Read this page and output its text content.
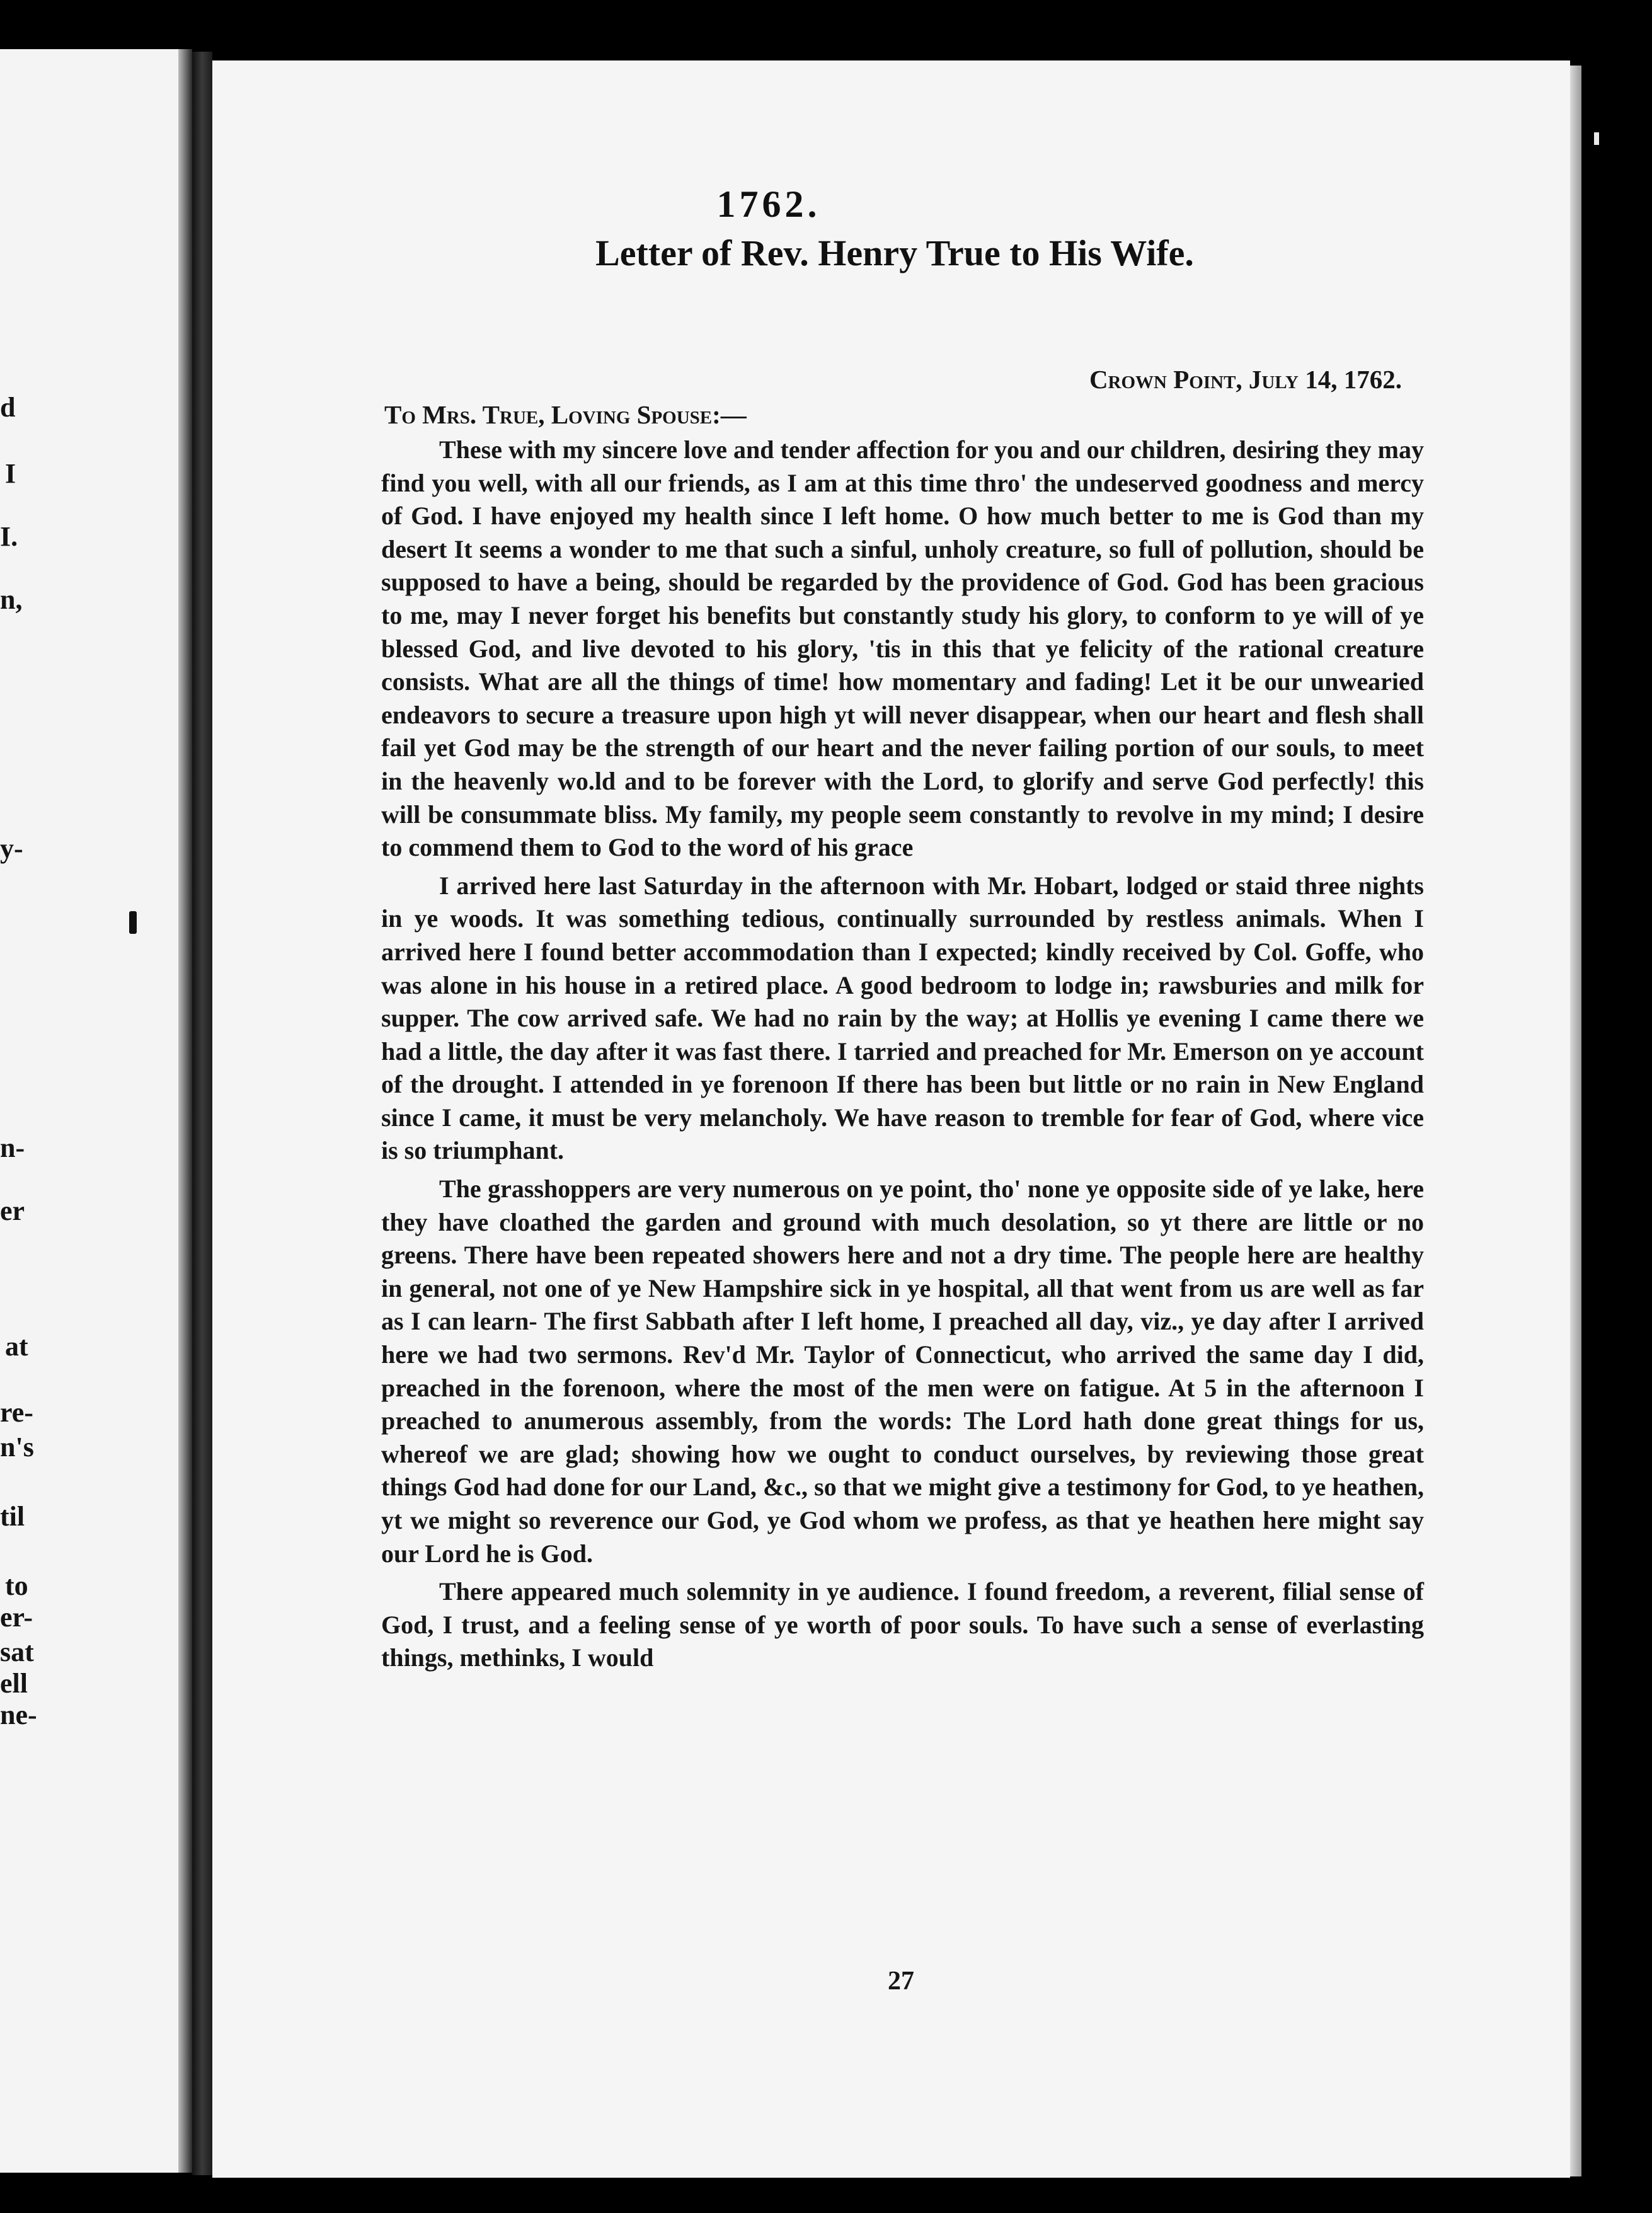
d
I
I.
n,
y-
n-
er
at
re-
n's
til
to
er-
sat
ell
ne-
1762.
Letter of Rev. Henry True to His Wife.
Crown Point, July 14, 1762.
To Mrs. True, Loving Spouse:—

These with my sincere love and tender affection for you and our children, desiring they may find you well, with all our friends, as I am at this time thro' the undeserved goodness and mercy of God. I have enjoyed my health since I left home. O how much better to me is God than my desert It seems a wonder to me that such a sinful, unholy creature, so full of pollution, should be supposed to have a being, should be regarded by the providence of God. God has been gracious to me, may I never forget his benefits but constantly study his glory, to conform to ye will of ye blessed God, and live devoted to his glory, 'tis in this that ye felicity of the rational creature consists. What are all the things of time! how momentary and fading! Let it be our unwearied endeavors to secure a treasure upon high yt will never disappear, when our heart and flesh shall fail yet God may be the strength of our heart and the never failing portion of our souls, to meet in the heavenly wo.ld and to be forever with the Lord, to glorify and serve God perfectly! this will be consummate bliss. My family, my people seem constantly to revolve in my mind; I desire to commend them to God to the word of his grace

I arrived here last Saturday in the afternoon with Mr. Hobart, lodged or staid three nights in ye woods. It was something tedious, continually surrounded by restless animals. When I arrived here I found better accommodation than I expected; kindly received by Col. Goffe, who was alone in his house in a retired place. A good bedroom to lodge in; rawsburies and milk for supper. The cow arrived safe. We had no rain by the way; at Hollis ye evening I came there we had a little, the day after it was fast there. I tarried and preached for Mr. Emerson on ye account of the drought. I attended in ye forenoon If there has been but little or no rain in New England since I came, it must be very melancholy. We have reason to tremble for fear of God, where vice is so triumphant.

The grasshoppers are very numerous on ye point, tho' none ye opposite side of ye lake, here they have cloathed the garden and ground with much desolation, so yt there are little or no greens. There have been repeated showers here and not a dry time. The people here are healthy in general, not one of ye New Hampshire sick in ye hospital, all that went from us are well as far as I can learn- The first Sabbath after I left home, I preached all day, viz., ye day after I arrived here we had two sermons. Rev'd Mr. Taylor of Connecticut, who arrived the same day I did, preached in the forenoon, where the most of the men were on fatigue. At 5 in the afternoon I preached to anumerous assembly, from the words: The Lord hath done great things for us, whereof we are glad; showing how we ought to conduct ourselves, by reviewing those great things God had done for our Land, &c., so that we might give a testimony for God, to ye heathen, yt we might so reverence our God, ye God whom we profess, as that ye heathen here might say our Lord he is God.

There appeared much solemnity in ye audience. I found freedom, a reverent, filial sense of God, I trust, and a feeling sense of ye worth of poor souls. To have such a sense of everlasting things, methinks, I would

27
